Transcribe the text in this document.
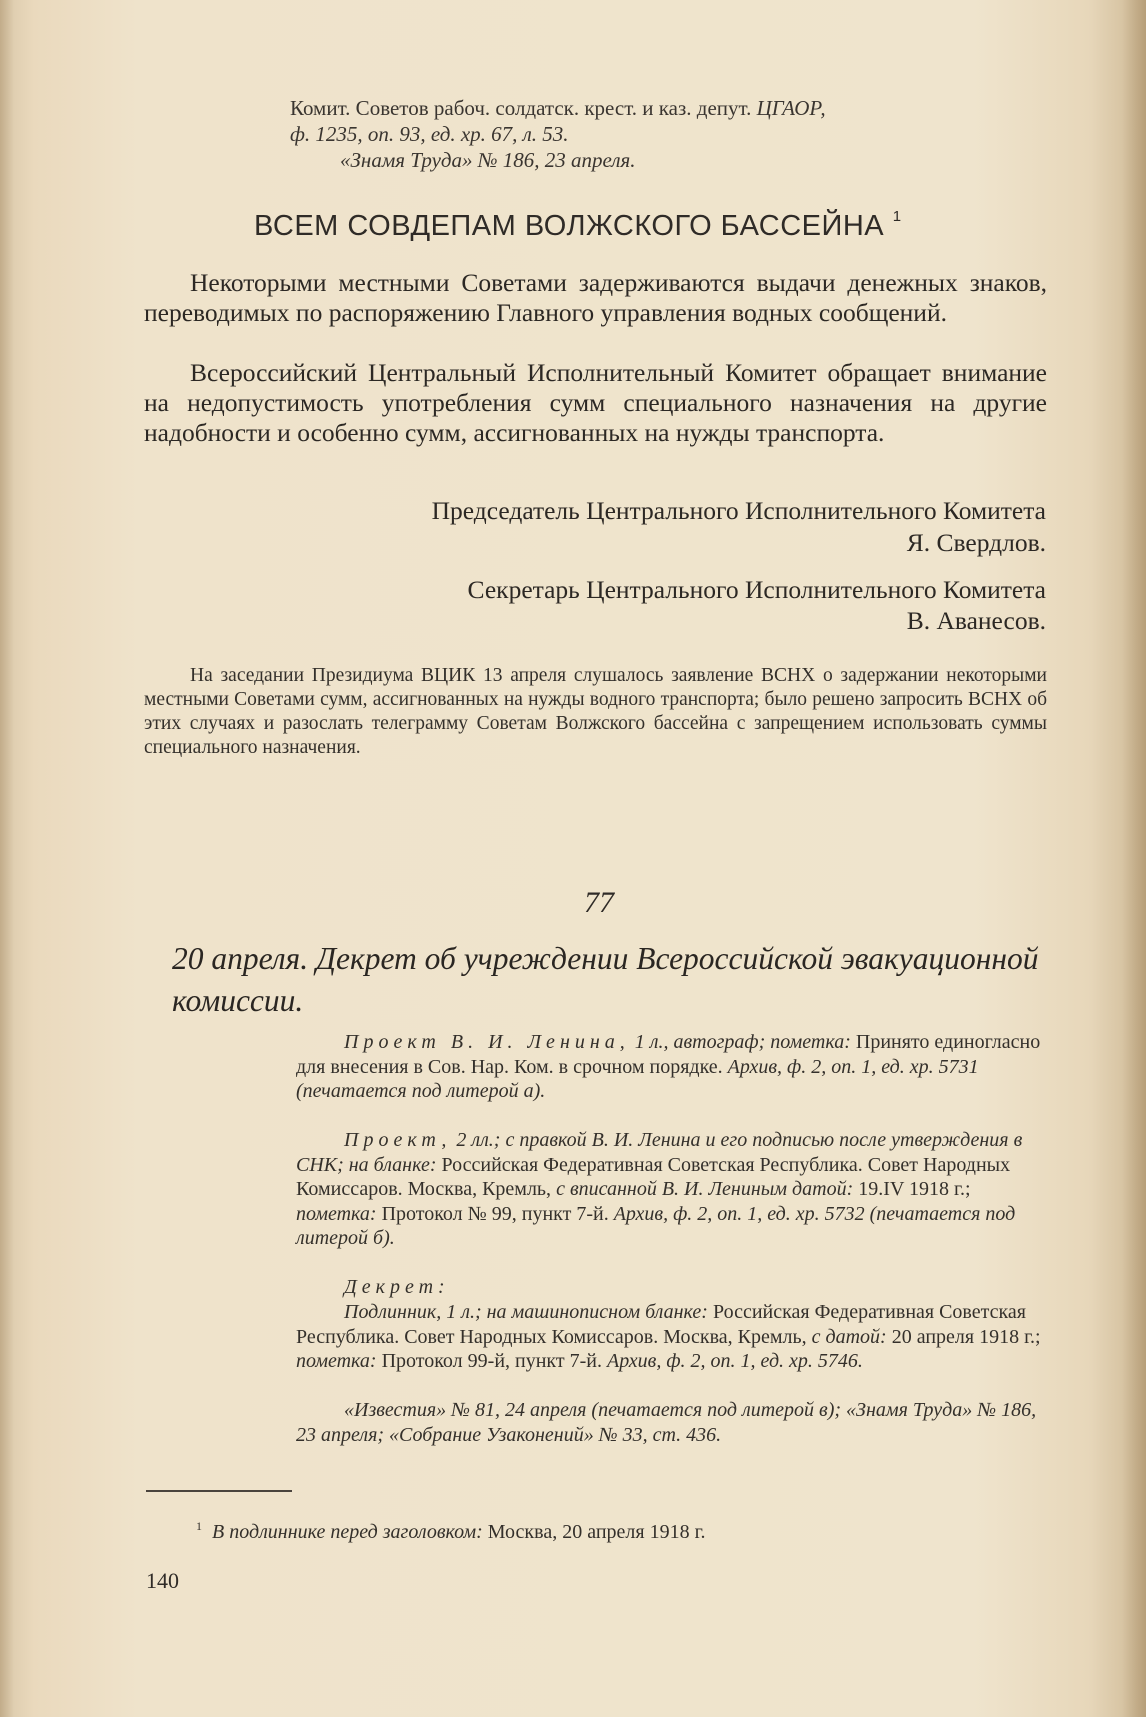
Комит. Советов рабоч. солдатск. крест. и каз. депут. ЦГАОР,
ф. 1235, оп. 93, ед. хр. 67, л. 53.
«Знамя Труда» № 186, 23 апреля.
ВСЕМ СОВДЕПАМ ВОЛЖСКОГО БАССЕЙНА $^1$
Некоторыми местными Советами задерживаются выдачи денежных знаков, переводимых по распоряжению Главного управления водных сообщений.
Всероссийский Центральный Исполнительный Комитет обращает внимание на недопустимость употребления сумм специального назначения на другие надобности и особенно сумм, ассигнованных на нужды транспорта.
Председатель Центрального Исполнительного Комитета
Я. Свердлов.
Секретарь Центрального Исполнительного Комитета
В. Аванесов.
На заседании Президиума ВЦИК 13 апреля слушалось заявление ВСНХ о задержании некоторыми местными Советами сумм, ассигнованных на нужды водного транспорта; было решено запросить ВСНХ об этих случаях и разослать телеграмму Советам Волжского бассейна с запрещением использовать суммы специального назначения.
77
20 апреля. Декрет об учреждении Всероссийской эвакуационной комиссии.
Проект В. И. Ленина, 1 л., автограф; пометка: Принято единогласно для внесения в Сов. Нар. Ком. в срочном порядке. Архив, ф. 2, оп. 1, ед. хр. 5731 (печатается под литерой а).
Проект, 2 лл.; с правкой В. И. Ленина и его подписью после утверждения в СНК; на бланке: Российская Федеративная Советская Республика. Совет Народных Комиссаров. Москва, Кремль, с вписанной В. И. Лениным датой: 19.IV 1918 г.; пометка: Протокол № 99, пункт 7-й. Архив, ф. 2, оп. 1, ед. хр. 5732 (печатается под литерой б).
Декрет:
Подлинник, 1 л.; на машинописном бланке: Российская Федеративная Советская Республика. Совет Народных Комиссаров. Москва, Кремль, с датой: 20 апреля 1918 г.; пометка: Протокол 99-й, пункт 7-й. Архив, ф. 2, оп. 1, ед. хр. 5746.
«Известия» № 81, 24 апреля (печатается под литерой в); «Знамя Труда» № 186, 23 апреля; «Собрание Узаконений» № 33, ст. 436.
$^1$ В подлиннике перед заголовком: Москва, 20 апреля 1918 г.
140
